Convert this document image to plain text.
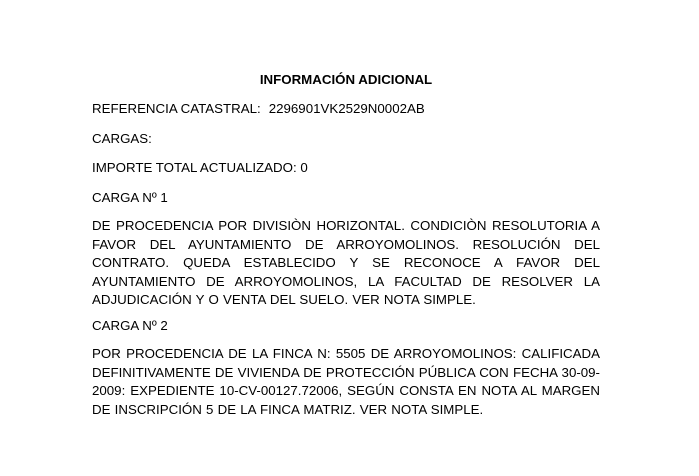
INFORMACIÓN ADICIONAL
REFERENCIA CATASTRAL: 2296901VK2529N0002AB
CARGAS:
IMPORTE TOTAL ACTUALIZADO: 0
CARGA Nº 1
DE PROCEDENCIA POR DIVISIÒN HORIZONTAL. CONDICIÒN RESOLUTORIA A FAVOR DEL AYUNTAMIENTO DE ARROYOMOLINOS. RESOLUCIÓN DEL CONTRATO. QUEDA ESTABLECIDO Y SE RECONOCE A FAVOR DEL AYUNTAMIENTO DE ARROYOMOLINOS, LA FACULTAD DE RESOLVER LA ADJUDICACIÓN Y O VENTA DEL SUELO. VER NOTA SIMPLE.
CARGA Nº 2
POR PROCEDENCIA DE LA FINCA N: 5505 DE ARROYOMOLINOS: CALIFICADA DEFINITIVAMENTE DE VIVIENDA DE PROTECCIÓN PÚBLICA CON FECHA 30-09-2009: EXPEDIENTE 10-CV-00127.72006, SEGÚN CONSTA EN NOTA AL MARGEN DE INSCRIPCIÓN 5 DE LA FINCA MATRIZ. VER NOTA SIMPLE.
